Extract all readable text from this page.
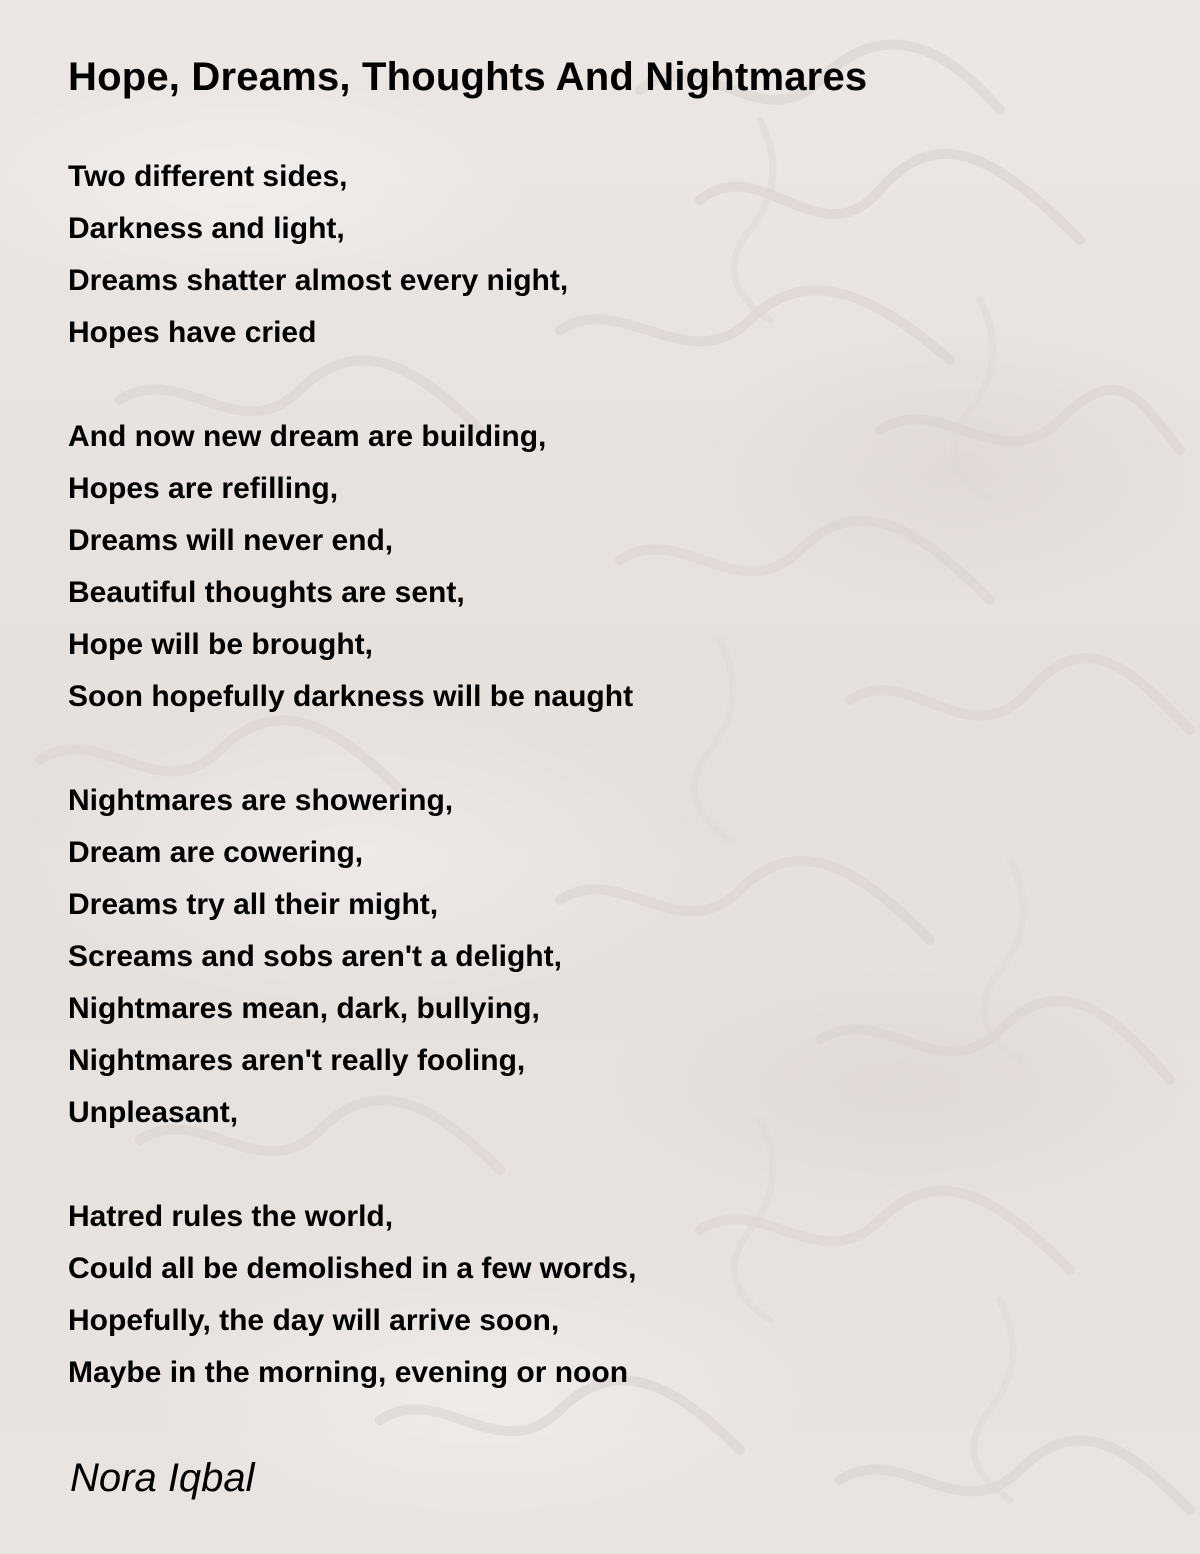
Hope, Dreams, Thoughts And Nightmares
Two different sides,
Darkness and light,
Dreams shatter almost every night,
Hopes have cried
And now new dream are building,
Hopes are refilling,
Dreams will never end,
Beautiful thoughts are sent,
Hope will be brought,
Soon hopefully darkness will be naught
Nightmares are showering,
Dream are cowering,
Dreams try all their might,
Screams and sobs aren't a delight,
Nightmares mean, dark, bullying,
Nightmares aren't really fooling,
Unpleasant,
Hatred rules the world,
Could all be demolished in a few words,
Hopefully, the day will arrive soon,
Maybe in the morning, evening or noon
Nora Iqbal
